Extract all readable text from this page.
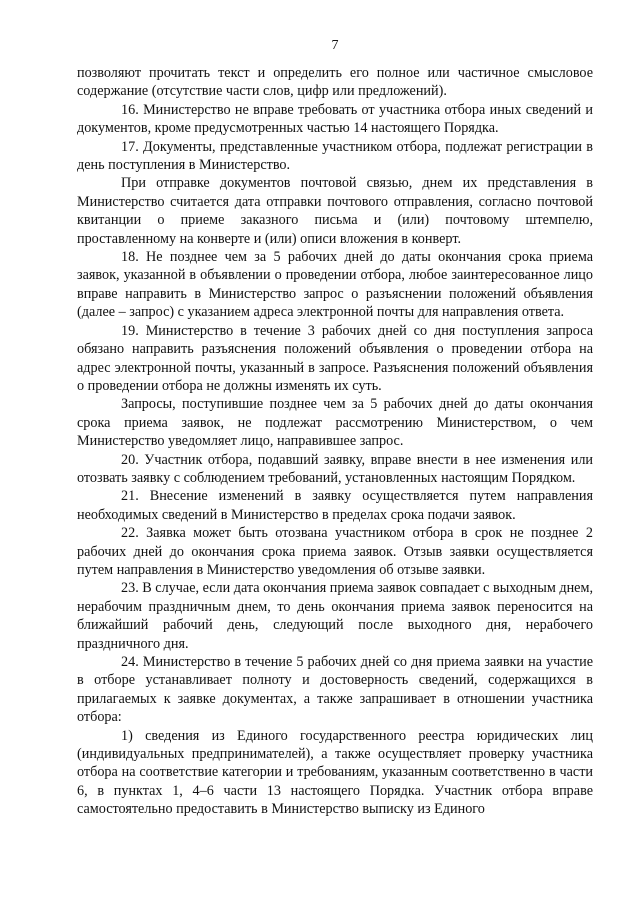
7

позволяют прочитать текст и определить его полное или частичное смысловое содержание (отсутствие части слов, цифр или предложений).

16. Министерство не вправе требовать от участника отбора иных сведений и документов, кроме предусмотренных частью 14 настоящего Порядка.

17. Документы, представленные участником отбора, подлежат регистрации в день поступления в Министерство.

При отправке документов почтовой связью, днем их представления в Министерство считается дата отправки почтового отправления, согласно почтовой квитанции о приеме заказного письма и (или) почтовому штемпелю, проставленному на конверте и (или) описи вложения в конверт.

18. Не позднее чем за 5 рабочих дней до даты окончания срока приема заявок, указанной в объявлении о проведении отбора, любое заинтересованное лицо вправе направить в Министерство запрос о разъяснении положений объявления (далее – запрос) с указанием адреса электронной почты для направления ответа.

19. Министерство в течение 3 рабочих дней со дня поступления запроса обязано направить разъяснения положений объявления о проведении отбора на адрес электронной почты, указанный в запросе. Разъяснения положений объявления о проведении отбора не должны изменять их суть.

Запросы, поступившие позднее чем за 5 рабочих дней до даты окончания срока приема заявок, не подлежат рассмотрению Министерством, о чем Министерство уведомляет лицо, направившее запрос.

20. Участник отбора, подавший заявку, вправе внести в нее изменения или отозвать заявку с соблюдением требований, установленных настоящим Порядком.

21. Внесение изменений в заявку осуществляется путем направления необходимых сведений в Министерство в пределах срока подачи заявок.

22. Заявка может быть отозвана участником отбора в срок не позднее 2 рабочих дней до окончания срока приема заявок. Отзыв заявки осуществляется путем направления в Министерство уведомления об отзыве заявки.

23. В случае, если дата окончания приема заявок совпадает с выходным днем, нерабочим праздничным днем, то день окончания приема заявок переносится на ближайший рабочий день, следующий после выходного дня, нерабочего праздничного дня.

24. Министерство в течение 5 рабочих дней со дня приема заявки на участие в отборе устанавливает полноту и достоверность сведений, содержащихся в прилагаемых к заявке документах, а также запрашивает в отношении участника отбора:

1) сведения из Единого государственного реестра юридических лиц (индивидуальных предпринимателей), а также осуществляет проверку участника отбора на соответствие категории и требованиям, указанным соответственно в части 6, в пунктах 1, 4–6 части 13 настоящего Порядка. Участник отбора вправе самостоятельно предоставить в Министерство выписку из Единого
